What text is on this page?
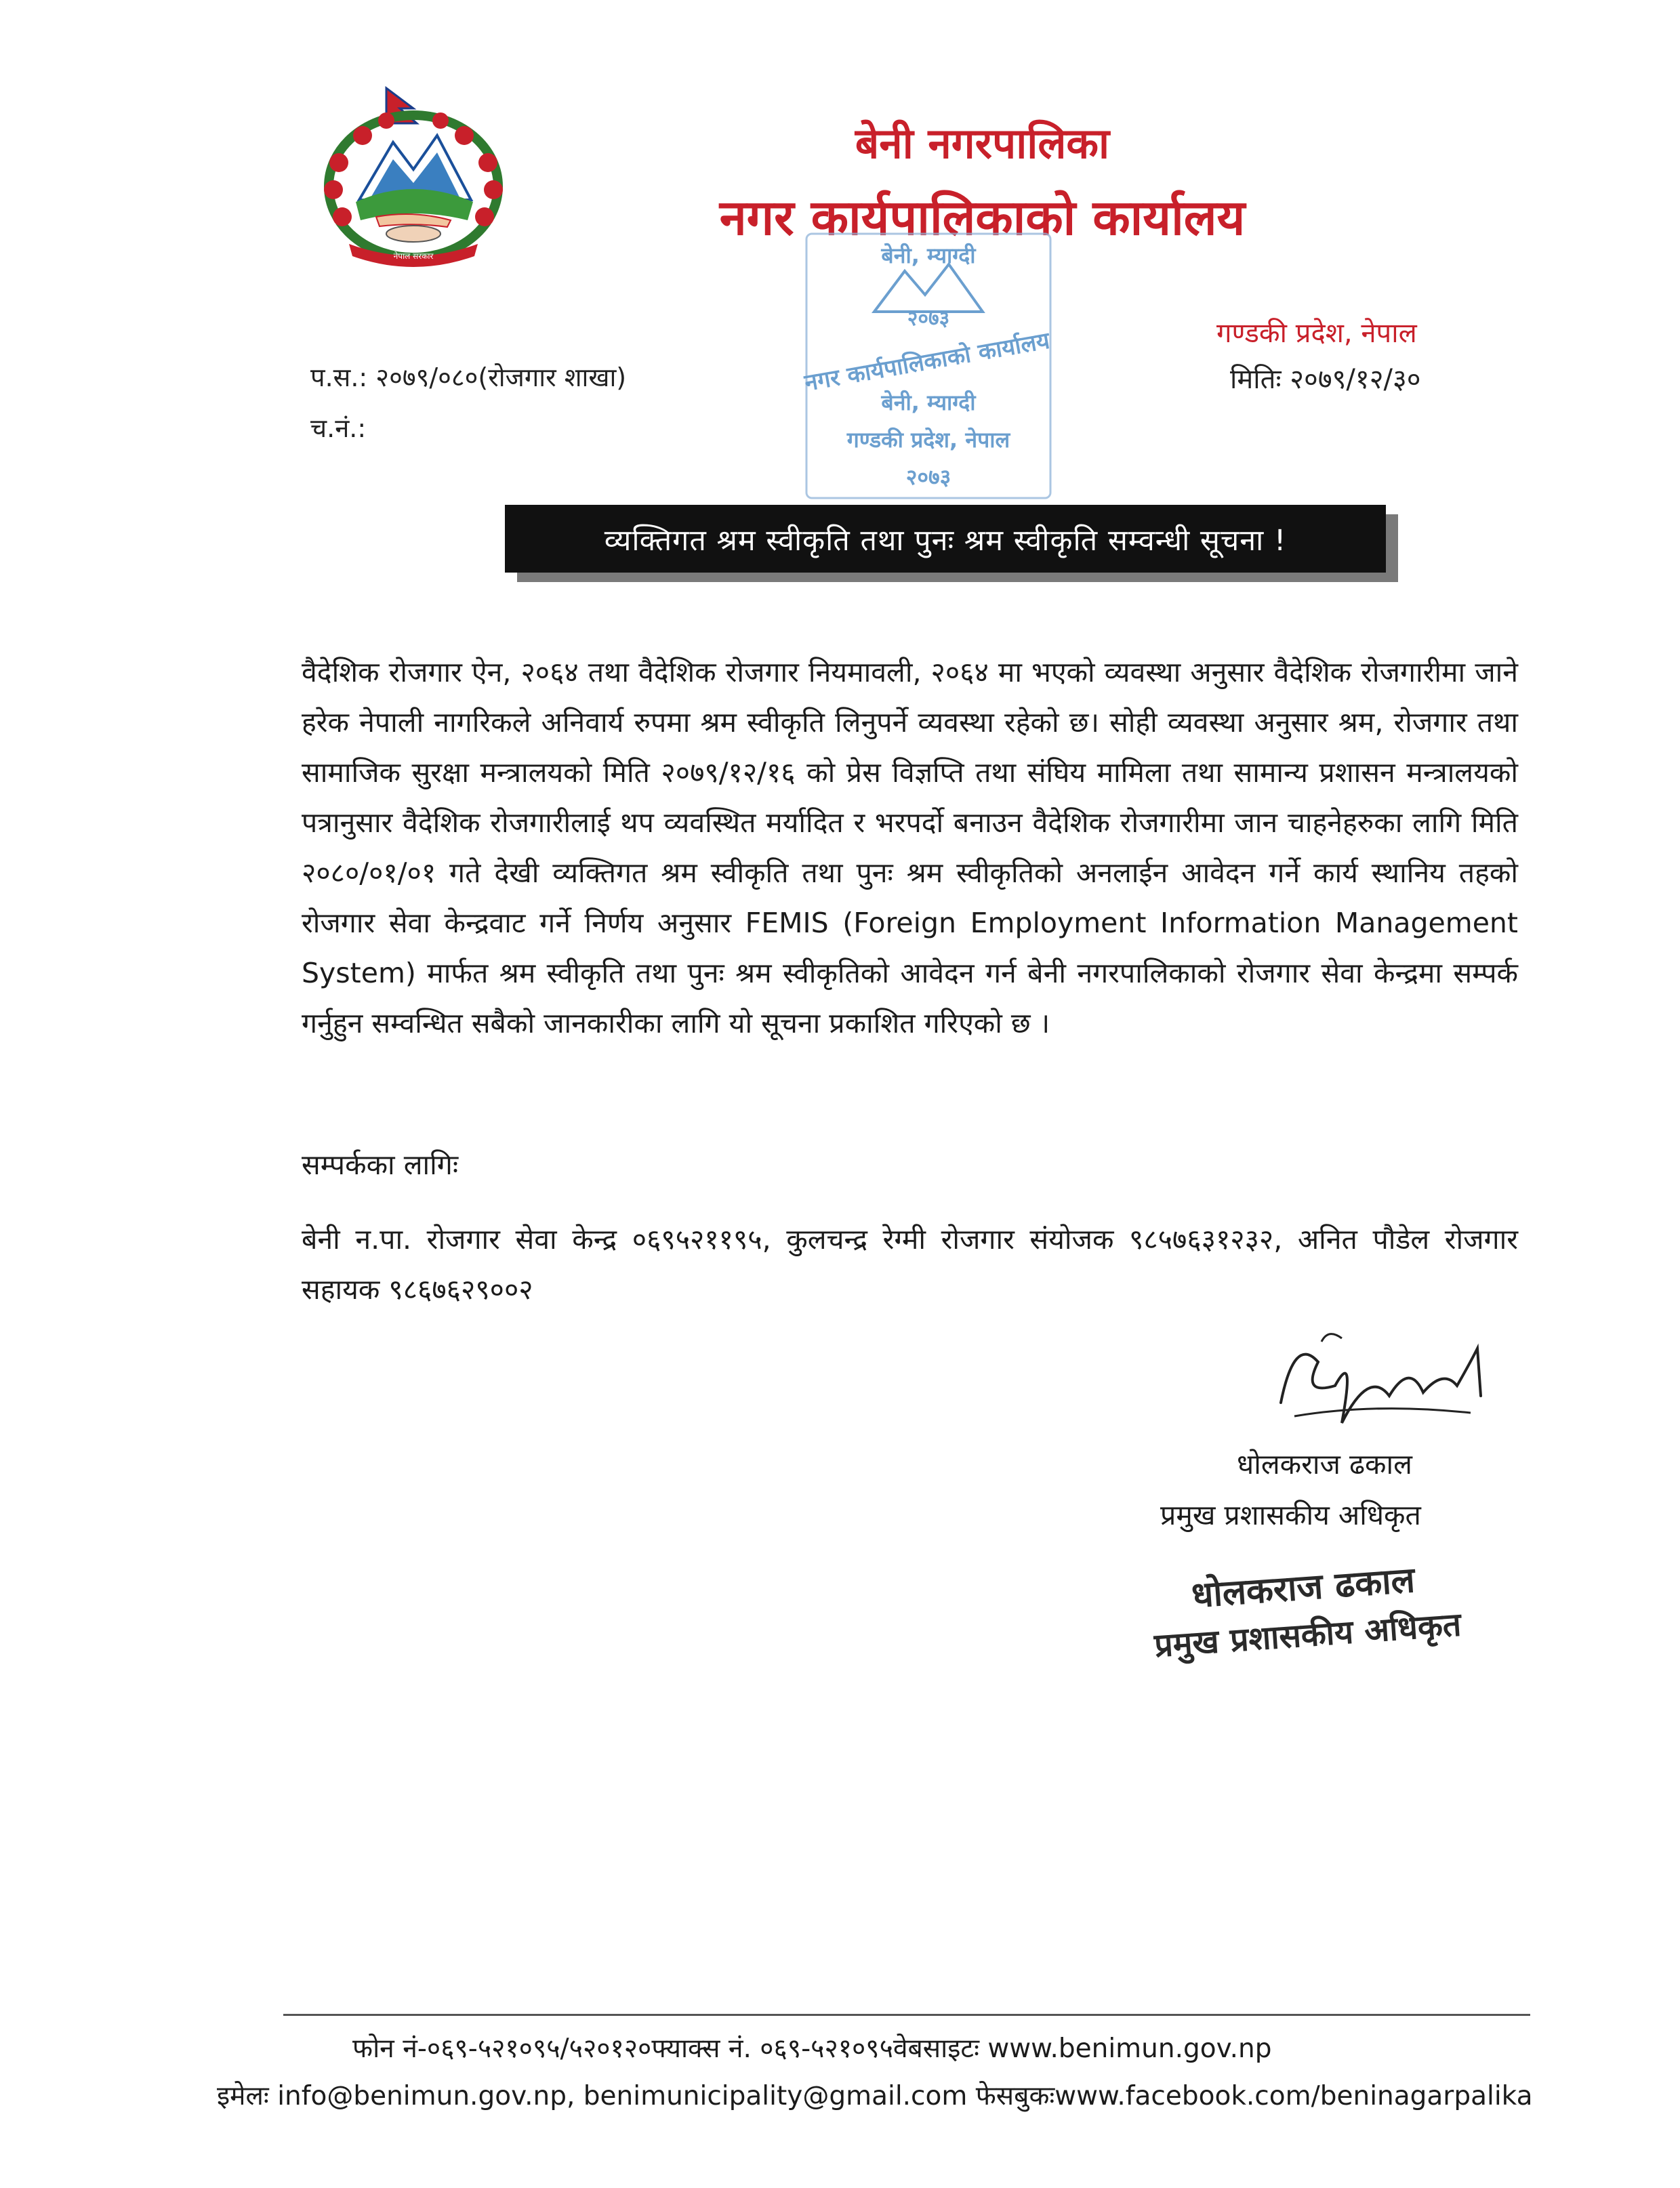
नेपाल सरकार
बेनी नगरपालिका
नगर कार्यपालिकाको कार्यालय
बेनी, म्याग्दी
२०७३
नगर कार्यपालिकाको कार्यालय
बेनी, म्याग्दी
गण्डकी प्रदेश, नेपाल
२०७३
गण्डकी प्रदेश, नेपाल
प.स.: २०७९/०८०(रोजगार शाखा)	मितिः २०७९/१२/३०
च.नं.:
व्यक्तिगत श्रम स्वीकृति तथा पुनः श्रम स्वीकृति सम्वन्धी सूचना !
वैदेशिक रोजगार ऐन, २०६४ तथा वैदेशिक रोजगार नियमावली, २०६४ मा भएको व्यवस्था अनुसार वैदेशिक रोजगारीमा जाने हरेक नेपाली नागरिकले अनिवार्य रुपमा श्रम स्वीकृति लिनुपर्ने व्यवस्था रहेको छ। सोही व्यवस्था अनुसार श्रम, रोजगार तथा सामाजिक सुरक्षा मन्त्रालयको मिति २०७९/१२/१६ को प्रेस विज्ञप्ति तथा संघिय मामिला तथा सामान्य प्रशासन मन्त्रालयको पत्रानुसार वैदेशिक रोजगारीलाई थप व्यवस्थित मर्यादित र भरपर्दो बनाउन वैदेशिक रोजगारीमा जान चाहनेहरुका लागि मिति २०८०/०१/०१ गते देखी व्यक्तिगत श्रम स्वीकृति तथा पुनः श्रम स्वीकृतिको अनलाईन आवेदन गर्ने कार्य स्थानिय तहको रोजगार सेवा केन्द्रवाट गर्ने निर्णय अनुसार FEMIS (Foreign Employment Information Management System) मार्फत श्रम स्वीकृति तथा पुनः श्रम स्वीकृतिको आवेदन गर्न बेनी नगरपालिकाको रोजगार सेवा केन्द्रमा सम्पर्क गर्नुहुन सम्वन्धित सबैको जानकारीका लागि यो सूचना प्रकाशित गरिएको छ ।
सम्पर्कका लागिः
बेनी न.पा. रोजगार सेवा केन्द्र ०६९५२११९५, कुलचन्द्र रेग्मी रोजगार संयोजक ९८५७६३१२३२, अनित पौडेल रोजगार सहायक ९८६७६२९००२
धोलकराज ढकाल
प्रमुख प्रशासकीय अधिकृत
धोलकराज ढकाल
प्रमुख प्रशासकीय अधिकृत
फोन नं-०६९-५२१०९५/५२०१२०फ्याक्स नं. ०६९-५२१०९५वेबसाइटः www.benimun.gov.np
इमेलः info@benimun.gov.np, benimunicipality@gmail.com फेसबुकःwww.facebook.com/beninagarpalika
